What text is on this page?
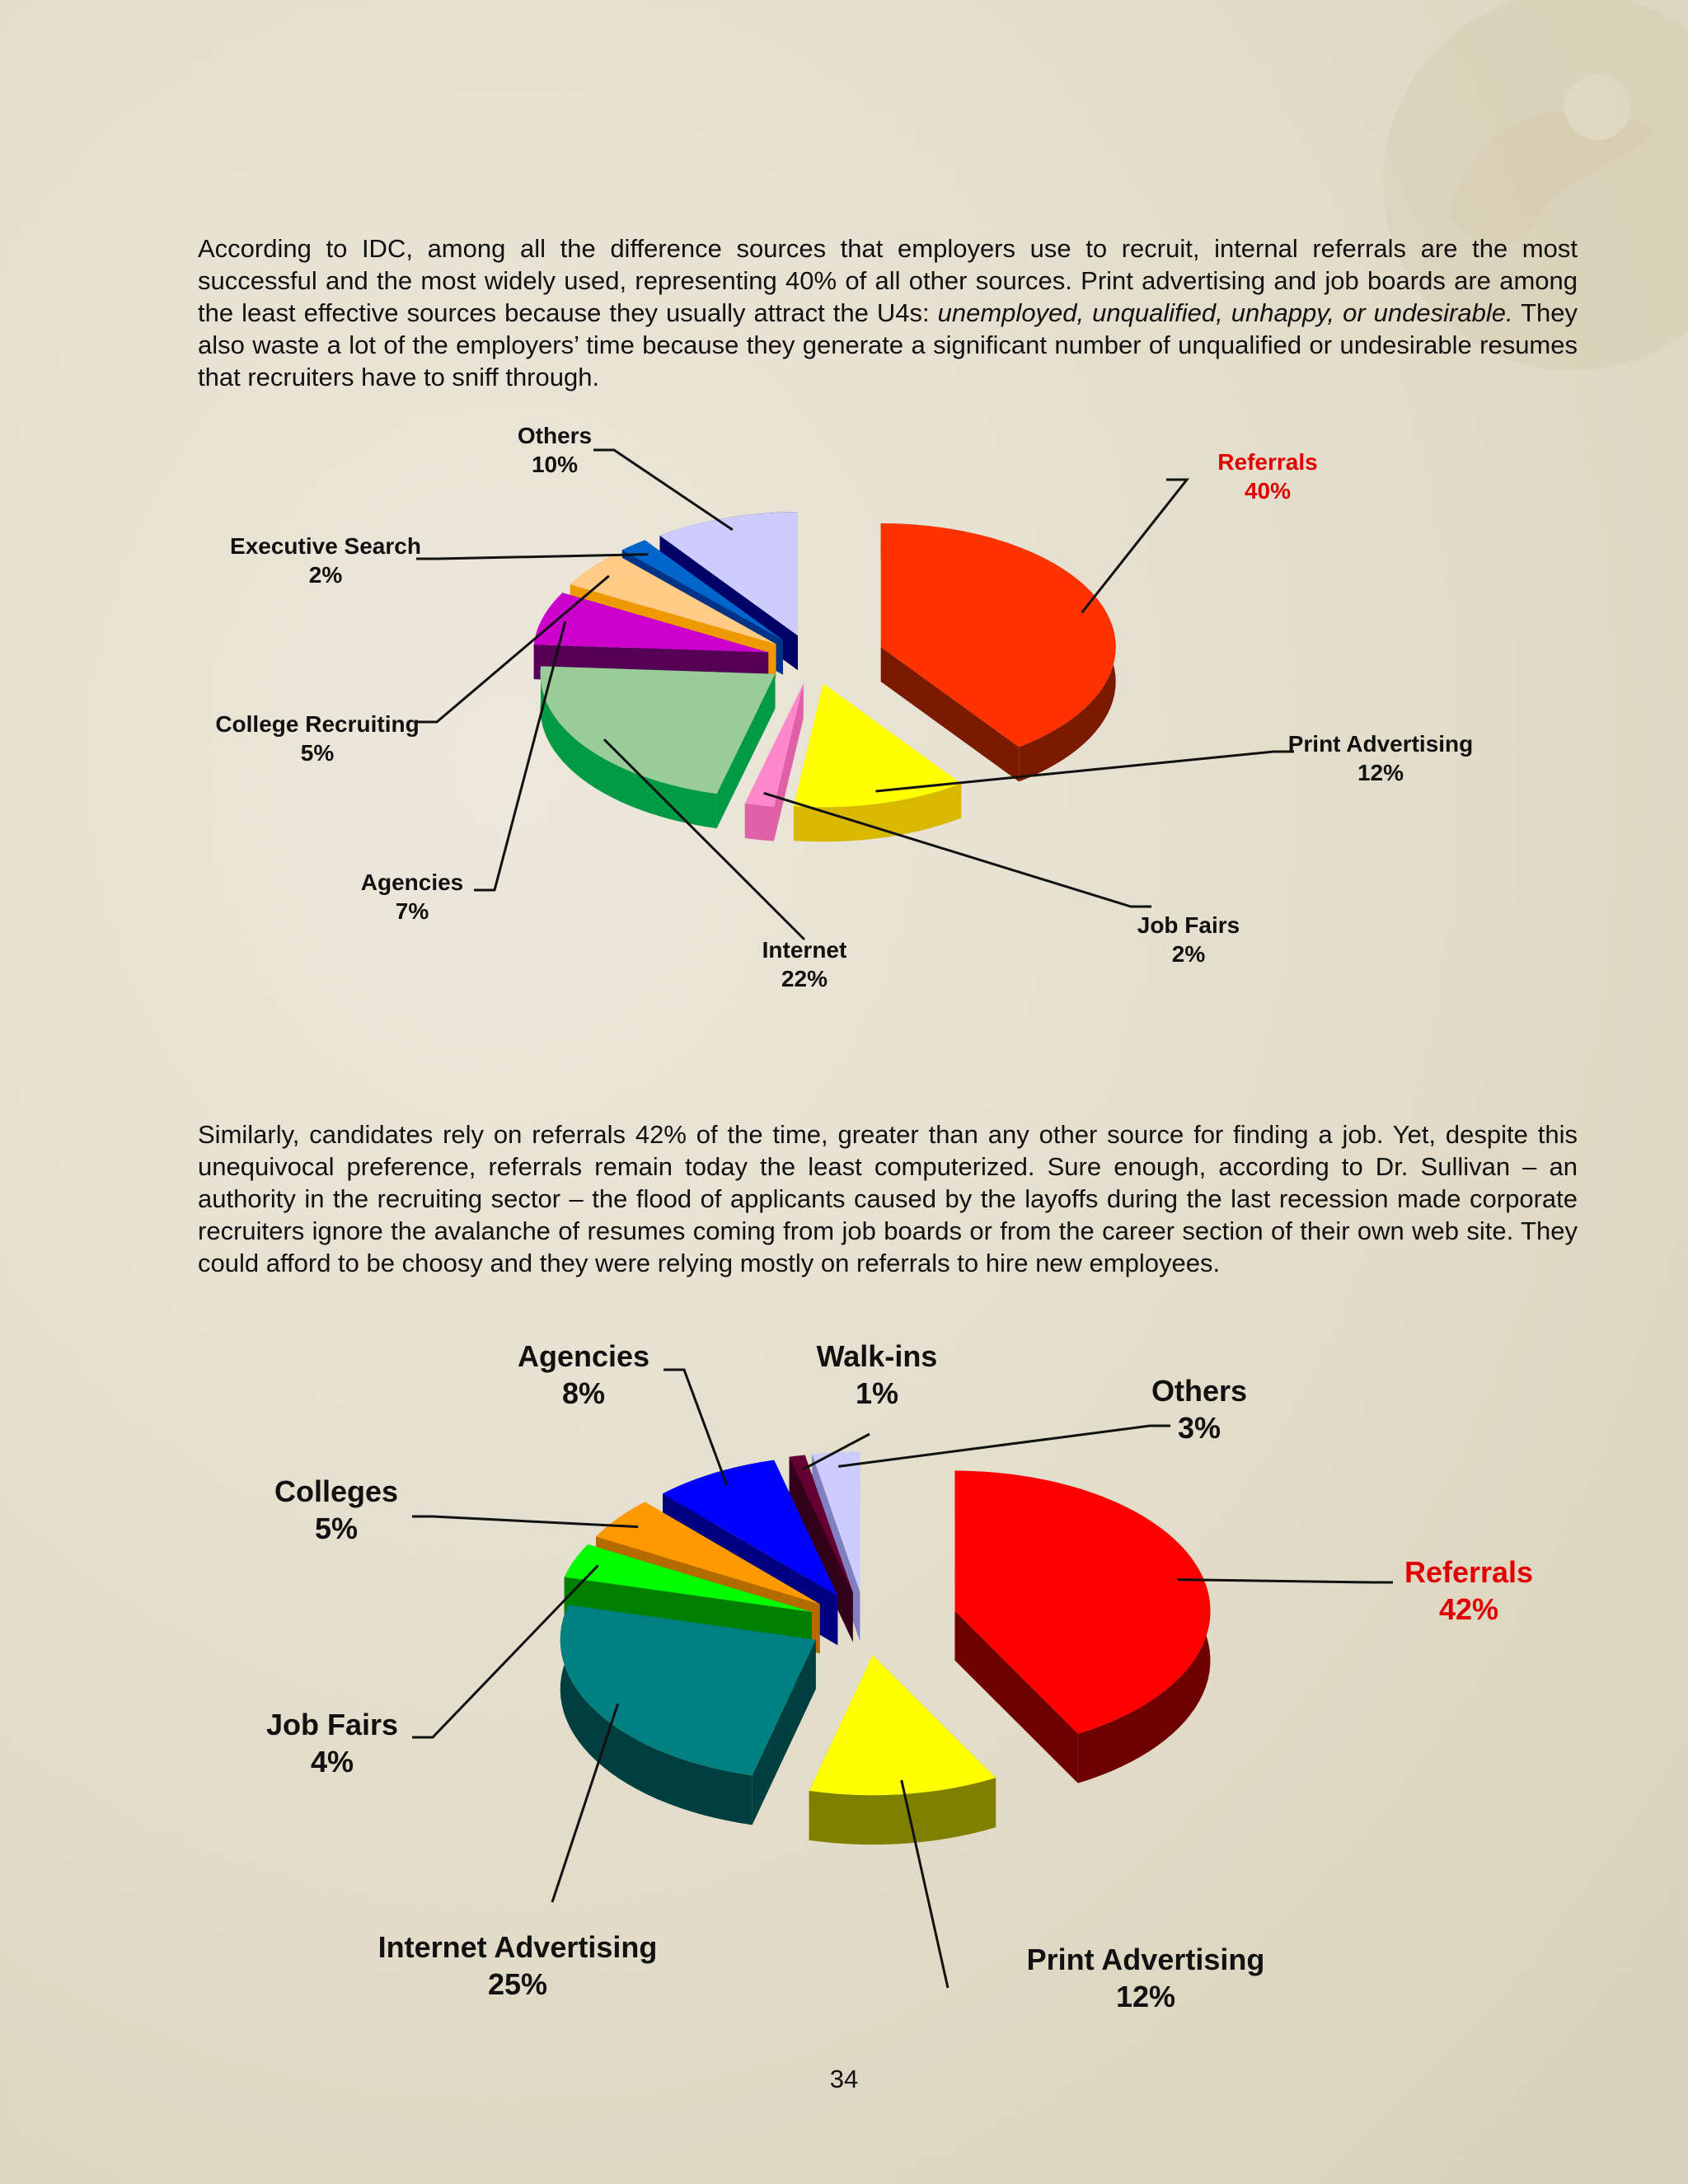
According to IDC, among all the difference sources that employers use to recruit, internal referrals are the most successful and the most widely used, representing 40% of all other sources. Print advertising and job boards are among the least effective sources because they usually attract the U4s: unemployed, unqualified, unhappy, or undesirable. They also waste a lot of the employers’ time because they generate a significant number of unqualified or undesirable resumes that recruiters have to sniff through.

Referrals
40%
Print Advertising
12%
Job Fairs
2%
Internet
22%
Agencies
7%
College Recruiting
5%
Executive Search
2%
Others
10%

Similarly, candidates rely on referrals 42% of the time, greater than any other source for finding a job. Yet, despite this unequivocal preference, referrals remain today the least computerized. Sure enough, according to Dr. Sullivan – an authority in the recruiting sector – the flood of applicants caused by the layoffs during the last recession made corporate recruiters ignore the avalanche of resumes coming from job boards or from the career section of their own web site. They could afford to be choosy and they were relying mostly on referrals to hire new employees.

Referrals
42%
Print Advertising
12%
Internet Advertising
25%
Job Fairs
4%
Colleges
5%
Agencies
8%
Walk-ins
1%	Others
3%
34
